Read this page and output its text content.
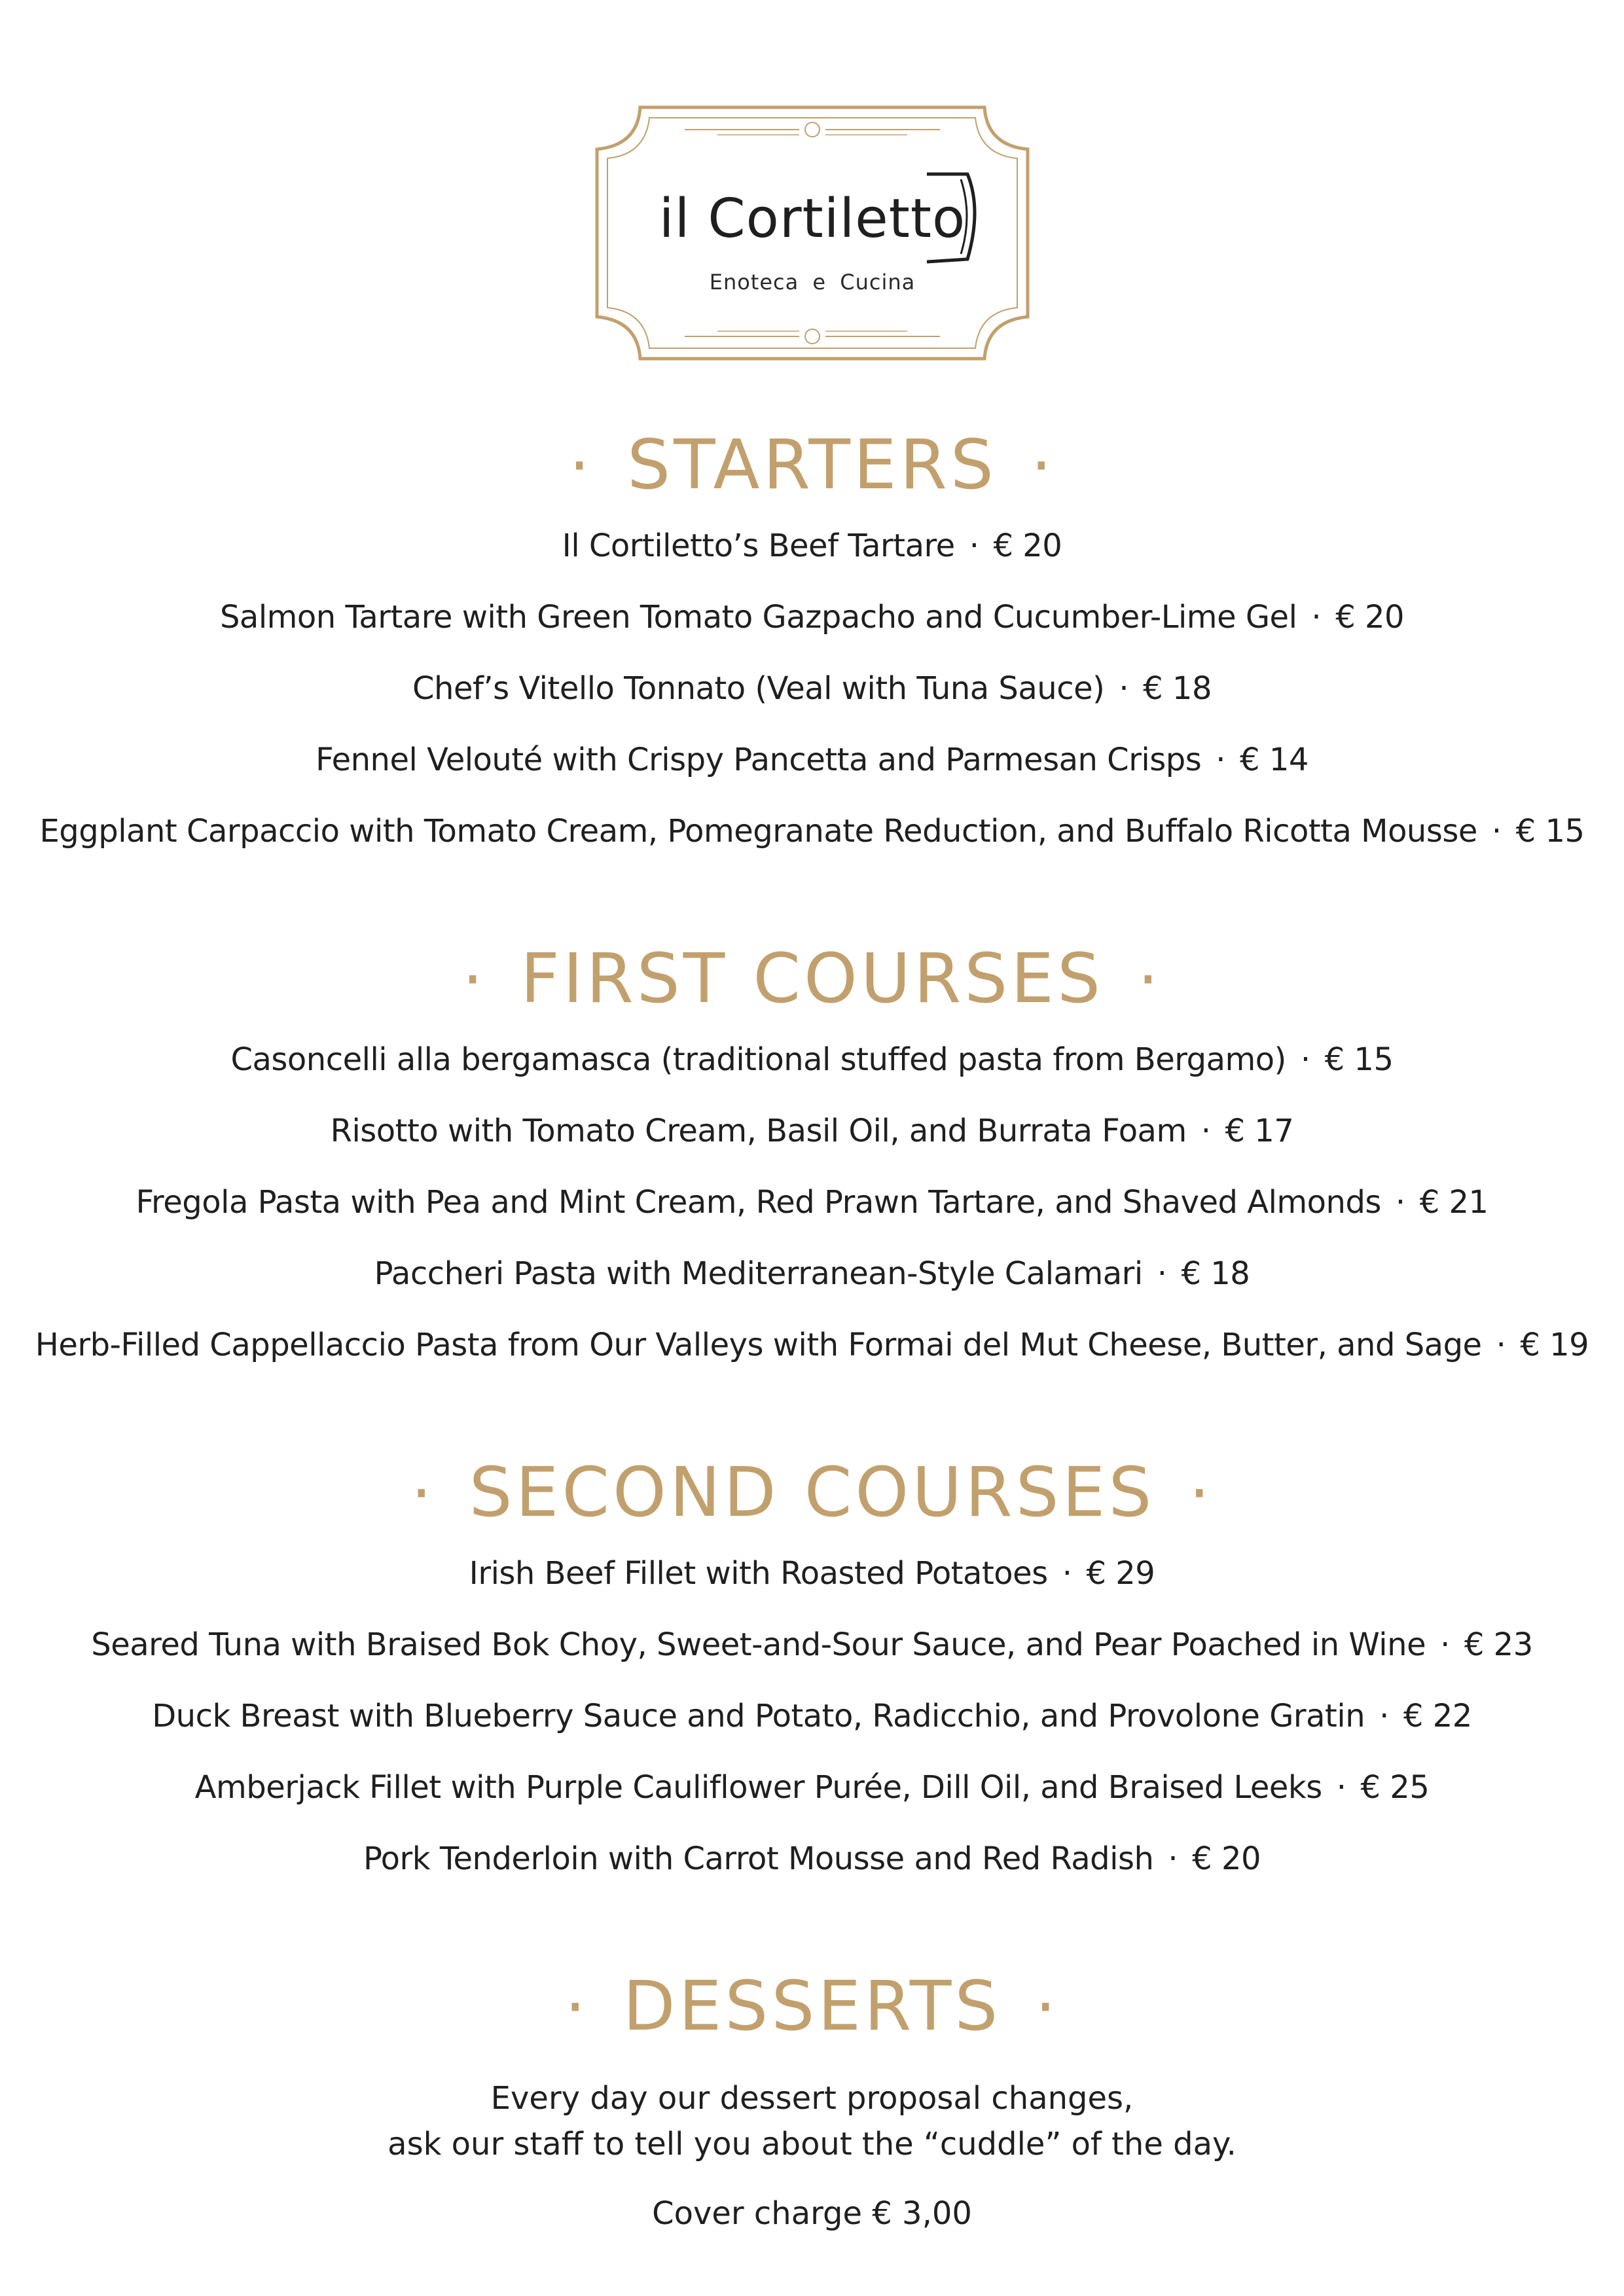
il Cortiletto
Enoteca e Cucina
· STARTERS ·
Il Cortiletto’s Beef Tartare · € 20
Salmon Tartare with Green Tomato Gazpacho and Cucumber-Lime Gel · € 20
Chef’s Vitello Tonnato (Veal with Tuna Sauce) · € 18
Fennel Velouté with Crispy Pancetta and Parmesan Crisps · € 14
Eggplant Carpaccio with Tomato Cream, Pomegranate Reduction, and Buffalo Ricotta Mousse · € 15
· FIRST COURSES ·
Casoncelli alla bergamasca (traditional stuffed pasta from Bergamo) · € 15
Risotto with Tomato Cream, Basil Oil, and Burrata Foam · € 17
Fregola Pasta with Pea and Mint Cream, Red Prawn Tartare, and Shaved Almonds · € 21
Paccheri Pasta with Mediterranean-Style Calamari · € 18
Herb-Filled Cappellaccio Pasta from Our Valleys with Formai del Mut Cheese, Butter, and Sage · € 19
· SECOND COURSES ·
Irish Beef Fillet with Roasted Potatoes · € 29
Seared Tuna with Braised Bok Choy, Sweet-and-Sour Sauce, and Pear Poached in Wine · € 23
Duck Breast with Blueberry Sauce and Potato, Radicchio, and Provolone Gratin · € 22
Amberjack Fillet with Purple Cauliflower Purée, Dill Oil, and Braised Leeks · € 25
Pork Tenderloin with Carrot Mousse and Red Radish · € 20
· DESSERTS ·
Every day our dessert proposal changes,
ask our staff to tell you about the “cuddle” of the day.
Cover charge € 3,00
